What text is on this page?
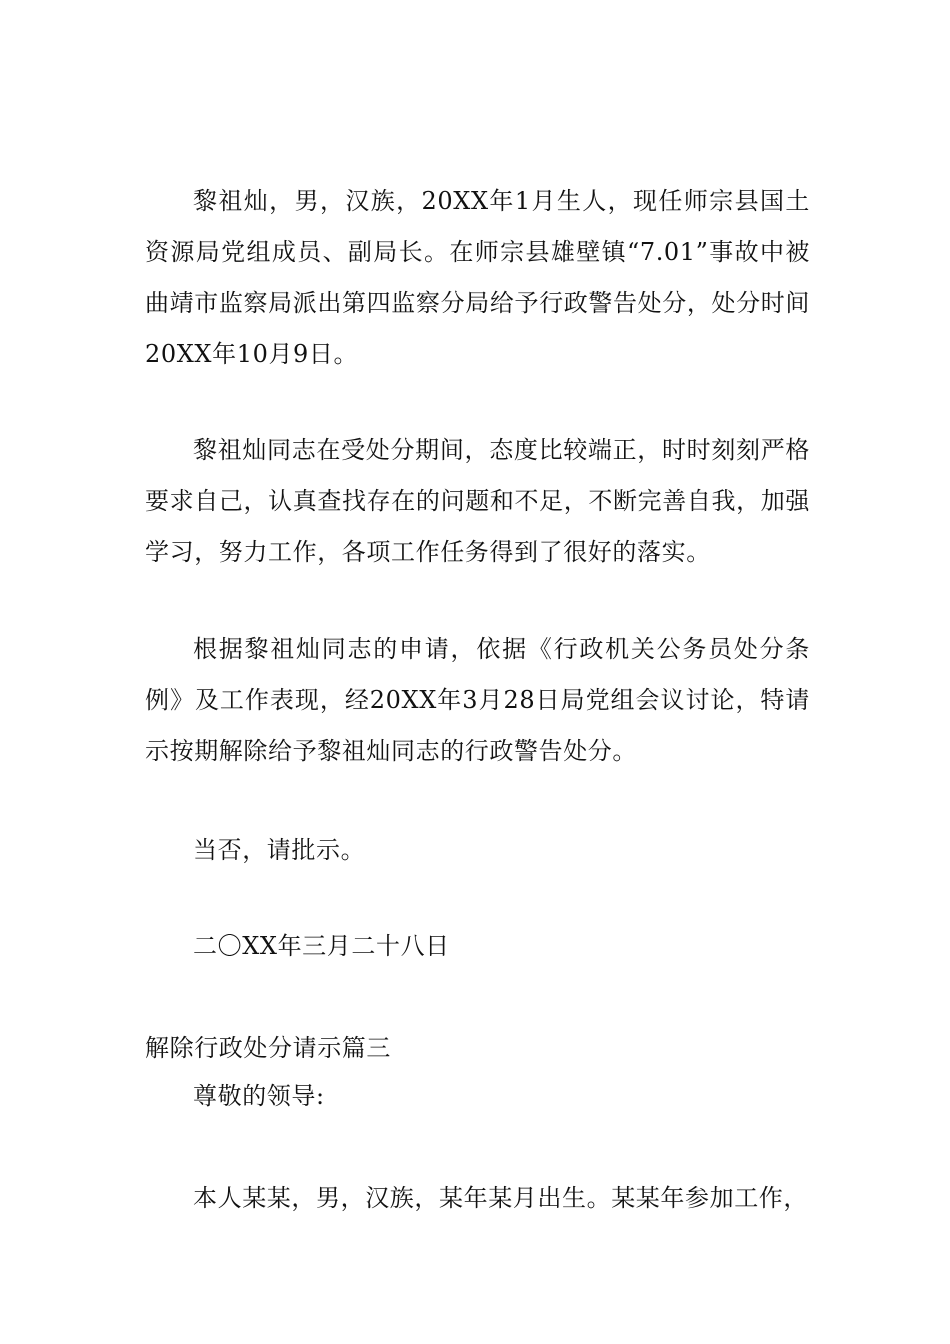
黎祖灿，男，汉族，20XX年1月生人，现任师宗县国土资源局党组成员、副局长。在师宗县雄壁镇“7.01”事故中被曲靖市监察局派出第四监察分局给予行政警告处分，处分时间20XX年10月9日。

黎祖灿同志在受处分期间，态度比较端正，时时刻刻严格要求自己，认真查找存在的问题和不足，不断完善自我，加强学习，努力工作，各项工作任务得到了很好的落实。

根据黎祖灿同志的申请，依据《行政机关公务员处分条例》及工作表现，经20XX年3月28日局党组会议讨论，特请示按期解除给予黎祖灿同志的行政警告处分。

当否，请批示。

二〇XX年三月二十八日

解除行政处分请示篇三

尊敬的领导:

本人某某，男，汉族，某年某月出生。某某年参加工作，
